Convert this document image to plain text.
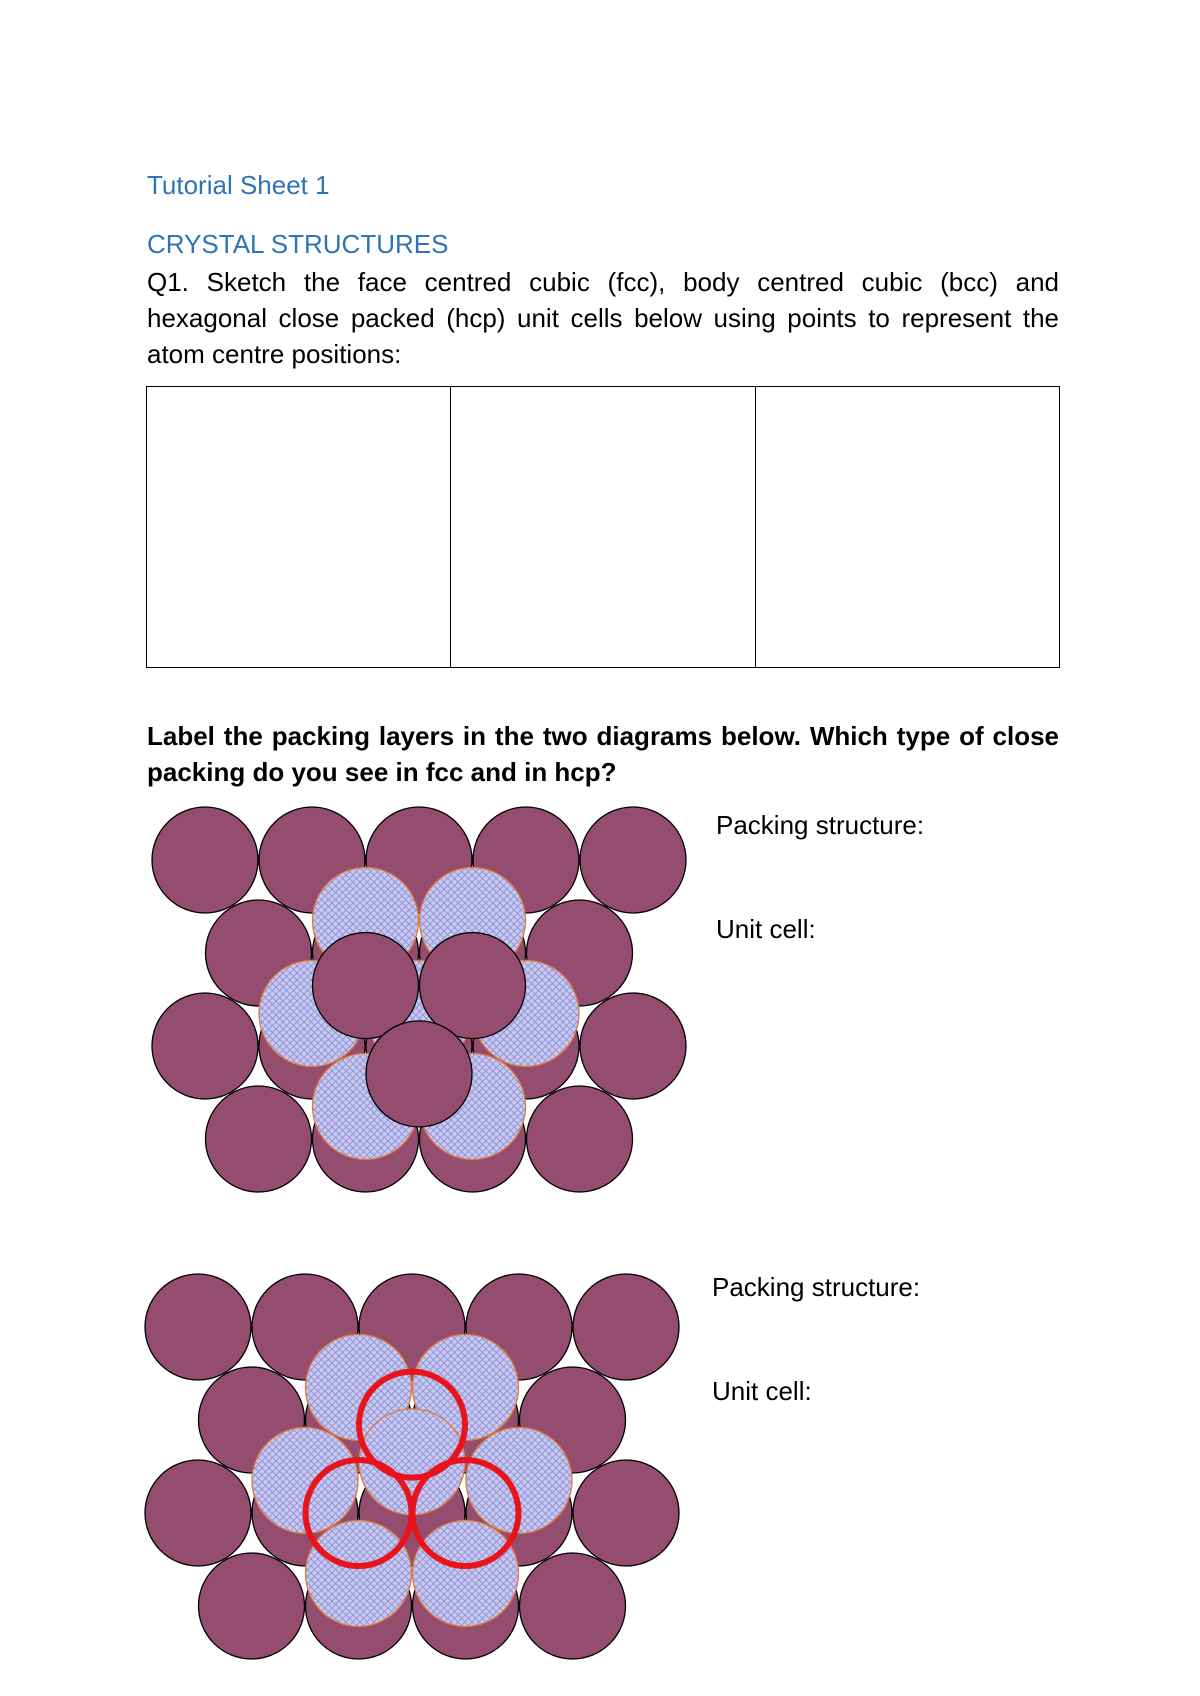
Tutorial Sheet 1
CRYSTAL STRUCTURES
Q1. Sketch the face centred cubic (fcc), body centred cubic (bcc) and hexagonal close packed (hcp) unit cells below using points to represent the atom centre positions:
Label the packing layers in the two diagrams below. Which type of close packing do you see in fcc and in hcp?
Packing structure:
Unit cell:
Packing structure:
Unit cell:
